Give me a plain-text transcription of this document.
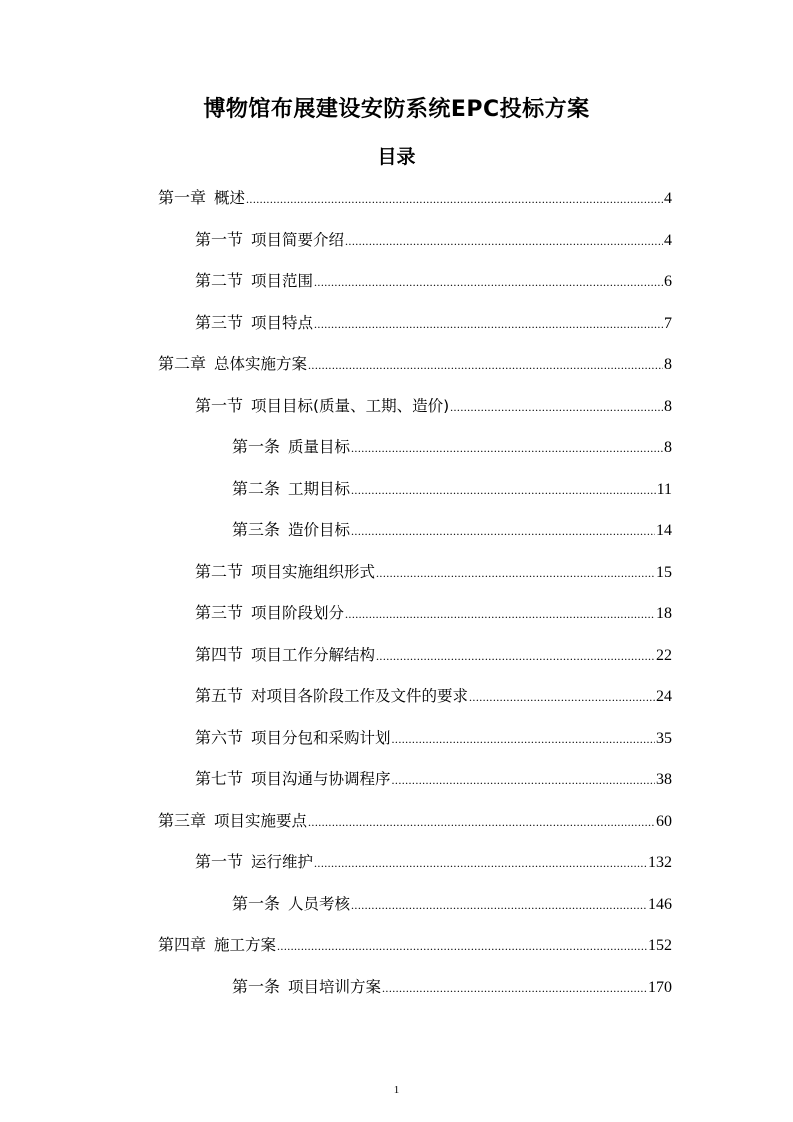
博物馆布展建设安防系统EPC投标方案
目录
第一章 概述 .....	4
第一节 项目简要介绍 .....	4
第二节 项目范围 .....	6
第三节 项目特点 .....	7
第二章 总体实施方案 .....	8
第一节 项目目标(质量、工期、造价) .....	8
第一条 质量目标 .....	8
第二条 工期目标 .....	11
第三条 造价目标 .....	14
第二节 项目实施组织形式 .....	15
第三节 项目阶段划分 .....	18
第四节 项目工作分解结构 .....	22
第五节 对项目各阶段工作及文件的要求 .....	24
第六节 项目分包和采购计划 .....	35
第七节 项目沟通与协调程序 .....	38
第三章 项目实施要点 .....	60
第一节 运行维护 .....	132
第一条 人员考核 .....	146
第四章 施工方案 .....	152
第一条 项目培训方案 .....	170
1
